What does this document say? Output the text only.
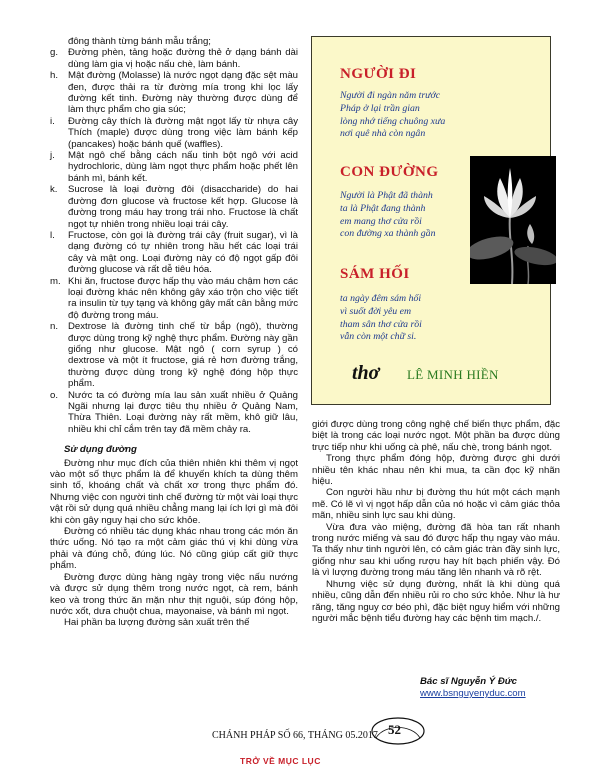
đông thành từng bánh mẫu trắng;
g.	Đường phèn, tảng hoặc đường thẻ ở dạng bánh dài dùng làm gia vị hoặc nấu chè, làm bánh.
h.	Mật đường (Molasse) là nước ngọt dạng đặc sệt màu đen, được thải ra từ đường mía trong khi lọc lấy đường kết tinh. Đường này thường được dùng để làm thực phẩm cho gia súc;
i.	Đường cây thích là đường mật ngọt lấy từ nhựa cây Thích (maple) được dùng trong việc làm bánh kếp (pancakes) hoặc bánh quế (waffles).
j.	Mật ngô chế bằng cách nấu tinh bột ngô với acid hydrochloric, dùng làm ngọt thực phẩm hoặc phết lên bánh mì, bánh kết.
k.	Sucrose là loại đường đôi (disaccharide) do hai đường đơn glucose và fructose kết hợp. Glucose là đường trong máu hay trong trái nho. Fructose là chất ngọt tự nhiên trong nhiều loại trái cây.
l.	Fructose, còn gọi là đường trái cây (fruit sugar), vì là dạng đường có tự nhiên trong hầu hết các loại trái cây và mật ong. Loại đường này có độ ngọt gấp đôi đường glucose và rất dễ tiêu hóa.
m. Khi ăn, fructose được hấp thụ vào máu chậm hơn các loại đường khác nên không gây xáo trộn cho việc tiết ra insulin từ tụy tạng và không gây mất cân bằng mức độ đường trong máu.
n.	Dextrose là đường tinh chế từ bắp (ngô), thường được dùng trong kỹ nghệ thực phẩm. Đường này gần giống như glucose. Mật ngô ( corn syrup ) có dextrose và một ít fructose, giá rẻ hơn đường trắng, thường được dùng trong kỹ nghệ đóng hộp thực phẩm.
o.	Nước ta có đường mía lau sản xuất nhiều ở Quảng Ngãi nhưng lại được tiêu thụ nhiều ở Quảng Nam, Thừa Thiên. Loại đường này rất mềm, khô giữ lâu, nhiều khi chỉ cắm trên tay đã mềm chảy ra.
Sử dụng đường

Đường như mục đích của thiên nhiên khi thêm vị ngọt vào một số thực phẩm là để khuyến khích ta dùng thêm sinh tố, khoáng chất và chất xơ trong thực phẩm đó. Nhưng việc con người tinh chế đường từ một vài loại thực vật rồi sử dụng quá nhiều chẳng mang lại ích lợi gì mà đôi khi còn gây nguy hại cho sức khỏe.

Đường có nhiều tác dụng khác nhau trong các món ăn thức uống. Nó tạo ra một cảm giác thú vị khi dùng vừa phải và đúng chỗ, đúng lúc. Nó cũng giúp cất giữ thực phẩm.

Đường được dùng hàng ngày trong việc nấu nướng và được sử dụng thêm trong nước ngọt, cà rem, bánh keo và trong thức ăn mặn như thịt nguội, súp đóng hộp, nước xốt, dưa chuột chua, mayonaise, và bánh mì ngọt.

Hai phần ba lượng đường sản xuất trên thế

NGƯỜI ĐI
Người đi ngàn năm trước
Pháp ở lại trần gian
lòng nhớ tiếng chuông xưa
nơi quê nhà còn ngân
CON ĐƯỜNG
Người là Phật đã thành
ta là Phật đang thành
em mang thơ cửa rồi
con đường xa thành gần
SÁM HỐI
ta ngày đêm sám hối
vì suốt đời yêu em
tham sân thơ cửa rồi
vẫn còn một chữ si.
thơ LÊ MINH HIỀN

giới được dùng trong công nghệ chế biến thực phẩm, đặc biệt là trong các loại nước ngọt. Một phần ba được dùng trực tiếp như khi uống cà phê, nấu chè, trong bánh ngọt.

Trong thực phẩm đóng hộp, đường được ghi dưới nhiều tên khác nhau nên khi mua, ta cần đọc kỹ nhãn hiệu.

Con người hầu như bị đường thu hút một cách mạnh mẽ. Có lẽ vì vị ngọt hấp dẫn của nó hoặc vì cảm giác thỏa mãn, nhiều sinh lực sau khi dùng.

Vừa đưa vào miệng, đường đã hòa tan rất nhanh trong nước miếng và sau đó được hấp thụ ngay vào máu. Ta thấy như tinh người lên, có cảm giác tràn đầy sinh lực, giống như sau khi uống rượu hay hít bạch phiến vậy. Đó là vì lượng đường trong máu tăng lên nhanh và rõ rệt.

Nhưng việc sử dụng đường, nhất là khi dùng quá nhiều, cũng dẫn đến nhiều rủi ro cho sức khỏe. Như là hư răng, tăng nguy cơ béo phì, đặc biệt nguy hiểm với những người mắc bệnh tiểu đường hay các bệnh tim mạch./.

Bác sĩ Nguyễn Ý Đức
www.bsnguyenyduc.com
CHÁNH PHÁP SỐ 66, THÁNG 05.2017 52
TRỞ VỀ MỤC LỤC
